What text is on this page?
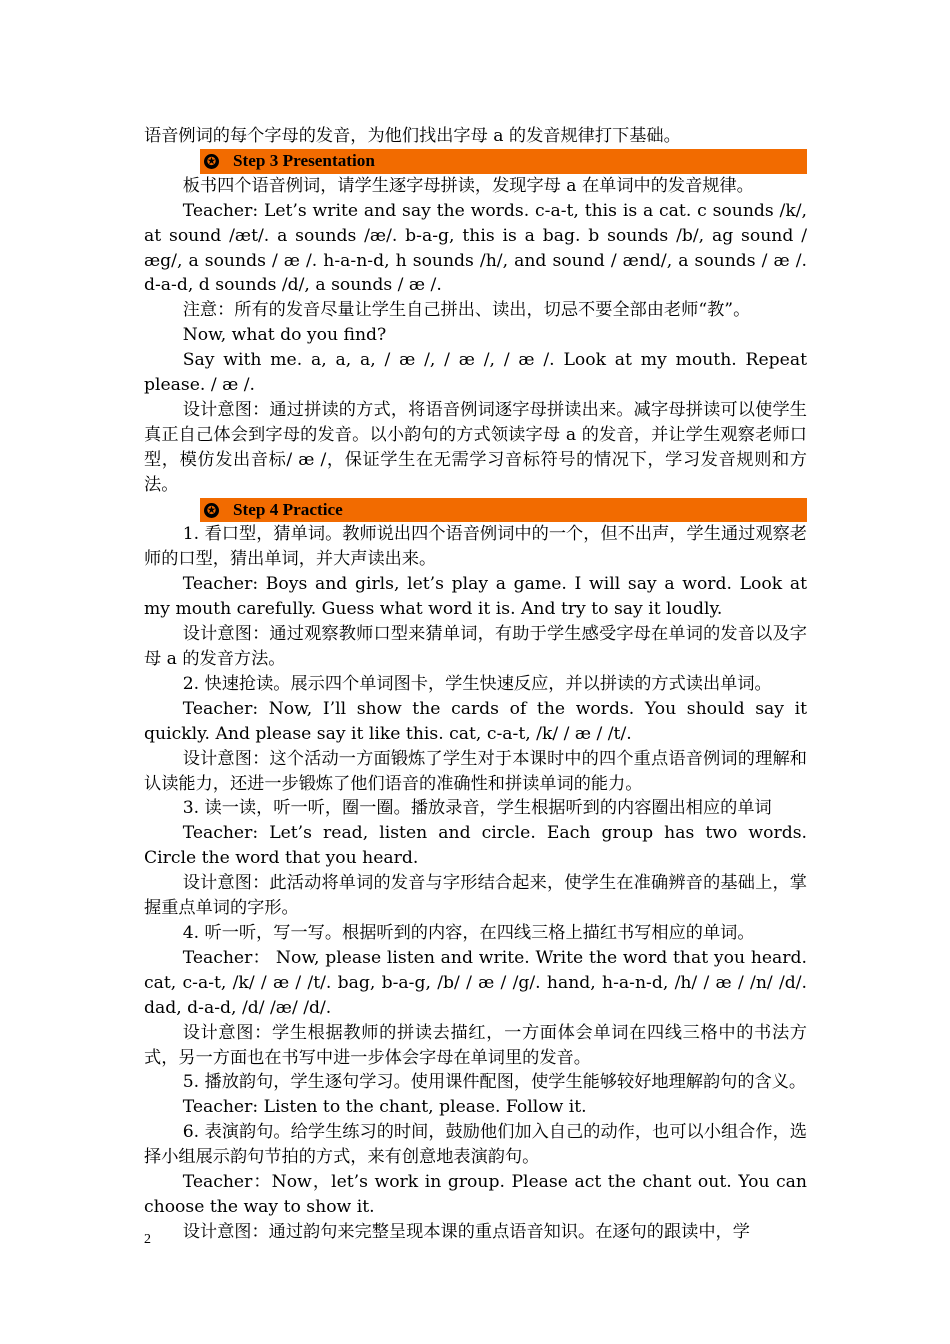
语音例词的每个字母的发音，为他们找出字母 a 的发音规律打下基础。

✪ Step 3 Presentation

板书四个语音例词，请学生逐字母拼读，发现字母 a 在单词中的发音规律。

Teacher: Let’s write and say the words. c-a-t, this is a cat. c sounds /k/, at sound /æt/. a sounds /æ/. b-a-g, this is a bag. b sounds /b/, ag sound / æg/, a sounds / æ /. h-a-n-d, h sounds /h/, and sound / ænd/, a sounds / æ /. d-a-d, d sounds /d/, a sounds / æ /.

注意：所有的发音尽量让学生自己拼出、读出，切忌不要全部由老师“教”。

Now, what do you find?

Say with me. a, a, a, / æ /, / æ /, / æ /. Look at my mouth. Repeat please. / æ /.

设计意图：通过拼读的方式，将语音例词逐字母拼读出来。减字母拼读可以使学生真正自己体会到字母的发音。以小韵句的方式领读字母 a 的发音，并让学生观察老师口型，模仿发出音标/ æ /，保证学生在无需学习音标符号的情况下，学习发音规则和方法。

✪ Step 4 Practice

1. 看口型，猜单词。教师说出四个语音例词中的一个，但不出声，学生通过观察老师的口型，猜出单词，并大声读出来。

Teacher: Boys and girls, let’s play a game. I will say a word. Look at my mouth carefully. Guess what word it is. And try to say it loudly.

设计意图：通过观察教师口型来猜单词，有助于学生感受字母在单词的发音以及字母 a 的发音方法。

2. 快速抢读。展示四个单词图卡，学生快速反应，并以拼读的方式读出单词。

Teacher: Now, I’ll show the cards of the words. You should say it quickly. And please say it like this. cat, c-a-t, /k/ / æ / /t/.

设计意图：这个活动一方面锻炼了学生对于本课时中的四个重点语音例词的理解和认读能力，还进一步锻炼了他们语音的准确性和拼读单词的能力。

3. 读一读，听一听，圈一圈。播放录音，学生根据听到的内容圈出相应的单词

Teacher: Let’s read, listen and circle. Each group has two words. Circle the word that you heard.

设计意图：此活动将单词的发音与字形结合起来，使学生在准确辨音的基础上，掌握重点单词的字形。

4. 听一听，写一写。根据听到的内容，在四线三格上描红书写相应的单词。

Teacher： Now, please listen and write. Write the word that you heard. cat, c-a-t, /k/ / æ / /t/. bag, b-a-g, /b/ / æ / /g/. hand, h-a-n-d, /h/ / æ / /n/ /d/. dad, d-a-d, /d/ /æ/ /d/.

设计意图：学生根据教师的拼读去描红，一方面体会单词在四线三格中的书法方式，另一方面也在书写中进一步体会字母在单词里的发音。

5. 播放韵句，学生逐句学习。使用课件配图，使学生能够较好地理解韵句的含义。

Teacher: Listen to the chant, please. Follow it.

6. 表演韵句。给学生练习的时间，鼓励他们加入自己的动作，也可以小组合作，选择小组展示韵句节拍的方式，来有创意地表演韵句。

Teacher：Now，let’s work in group. Please act the chant out. You can choose the way to show it.

设计意图：通过韵句来完整呈现本课的重点语音知识。在逐句的跟读中，学

2
